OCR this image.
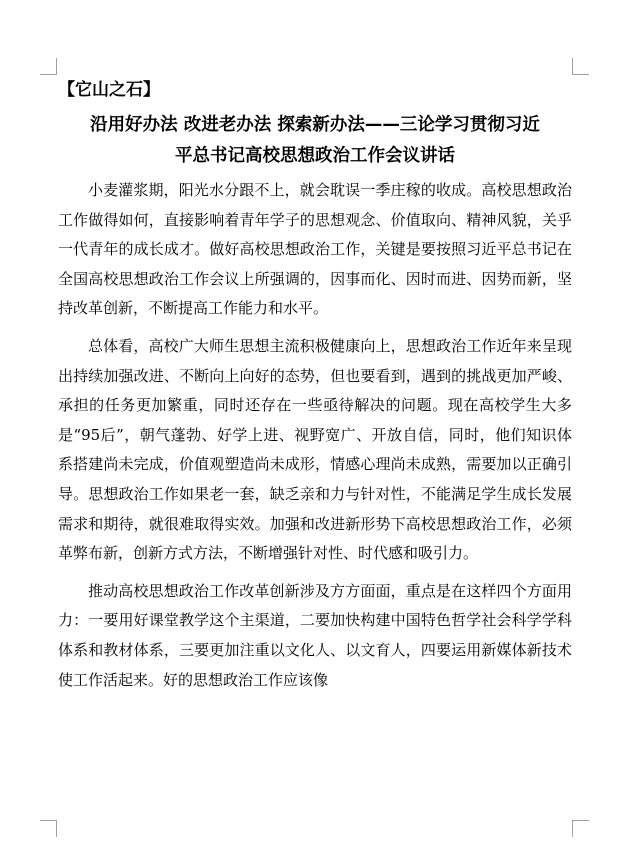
【它山之石】
沿用好办法 改进老办法 探索新办法——三论学习贯彻习近
平总书记高校思想政治工作会议讲话

小麦灌浆期，阳光水分跟不上，就会耽误一季庄稼的收成。高校思想政治工作做得如何，直接影响着青年学子的思想观念、价值取向、精神风貌，关乎一代青年的成长成才。做好高校思想政治工作，关键是要按照习近平总书记在全国高校思想政治工作会议上所强调的，因事而化、因时而进、因势而新，坚持改革创新，不断提高工作能力和水平。

总体看，高校广大师生思想主流积极健康向上，思想政治工作近年来呈现出持续加强改进、不断向上向好的态势，但也要看到，遇到的挑战更加严峻、承担的任务更加繁重，同时还存在一些亟待解决的问题。现在高校学生大多是“95后”，朝气蓬勃、好学上进、视野宽广、开放自信，同时，他们知识体系搭建尚未完成，价值观塑造尚未成形，情感心理尚未成熟，需要加以正确引导。思想政治工作如果老一套，缺乏亲和力与针对性，不能满足学生成长发展需求和期待，就很难取得实效。加强和改进新形势下高校思想政治工作，必须革弊布新，创新方式方法，不断增强针对性、时代感和吸引力。

推动高校思想政治工作改革创新涉及方方面面，重点是在这样四个方面用力：一要用好课堂教学这个主渠道，二要加快构建中国特色哲学社会科学学科体系和教材体系，三要更加注重以文化人、以文育人，四要运用新媒体新技术使工作活起来。好的思想政治工作应该像
